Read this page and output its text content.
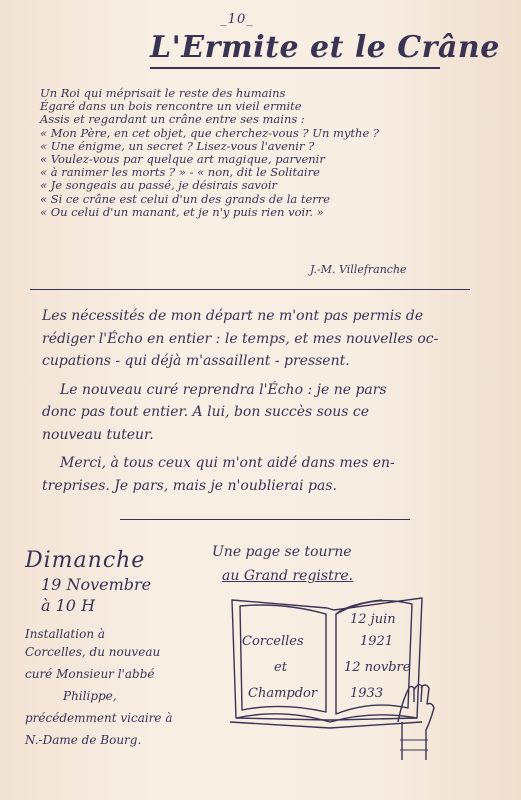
_10_
L'Ermite et le Crâne
Un Roi qui méprisait le reste des humains
Égaré dans un bois rencontre un vieil ermite
Assis et regardant un crâne entre ses mains :
« Mon Père, en cet objet, que cherchez-vous ? Un mythe ?
« Une énigme, un secret ? Lisez-vous l'avenir ?
« Voulez-vous par quelque art magique, parvenir
« à ranimer les morts ? » - « non, dit le Solitaire
« Je songeais au passé, je désirais savoir
« Si ce crâne est celui d'un des grands de la terre
« Ou celui d'un manant, et je n'y puis rien voir. »
J.-M. Villefranche

Les nécessités de mon départ ne m'ont pas permis de
rédiger l'Écho en entier : le temps, et mes nouvelles oc-
cupations - qui déjà m'assaillent - pressent.

Le nouveau curé reprendra l'Écho : je ne pars
donc pas tout entier. A lui, bon succès sous ce
nouveau tuteur.

Merci, à tous ceux qui m'ont aidé dans mes en-
treprises. Je pars, mais je n'oublierai pas.

Dimanche
19 Novembre
à 10 H
Installation à
Corcelles, du nouveau
curé Monsieur l'abbé
Philippe,
précédemment vicaire à
N.-Dame de Bourg.
Une page se tourne
au Grand registre.
Corcelles
et
Champdor
12 juin
1921
12 novbre
1933
